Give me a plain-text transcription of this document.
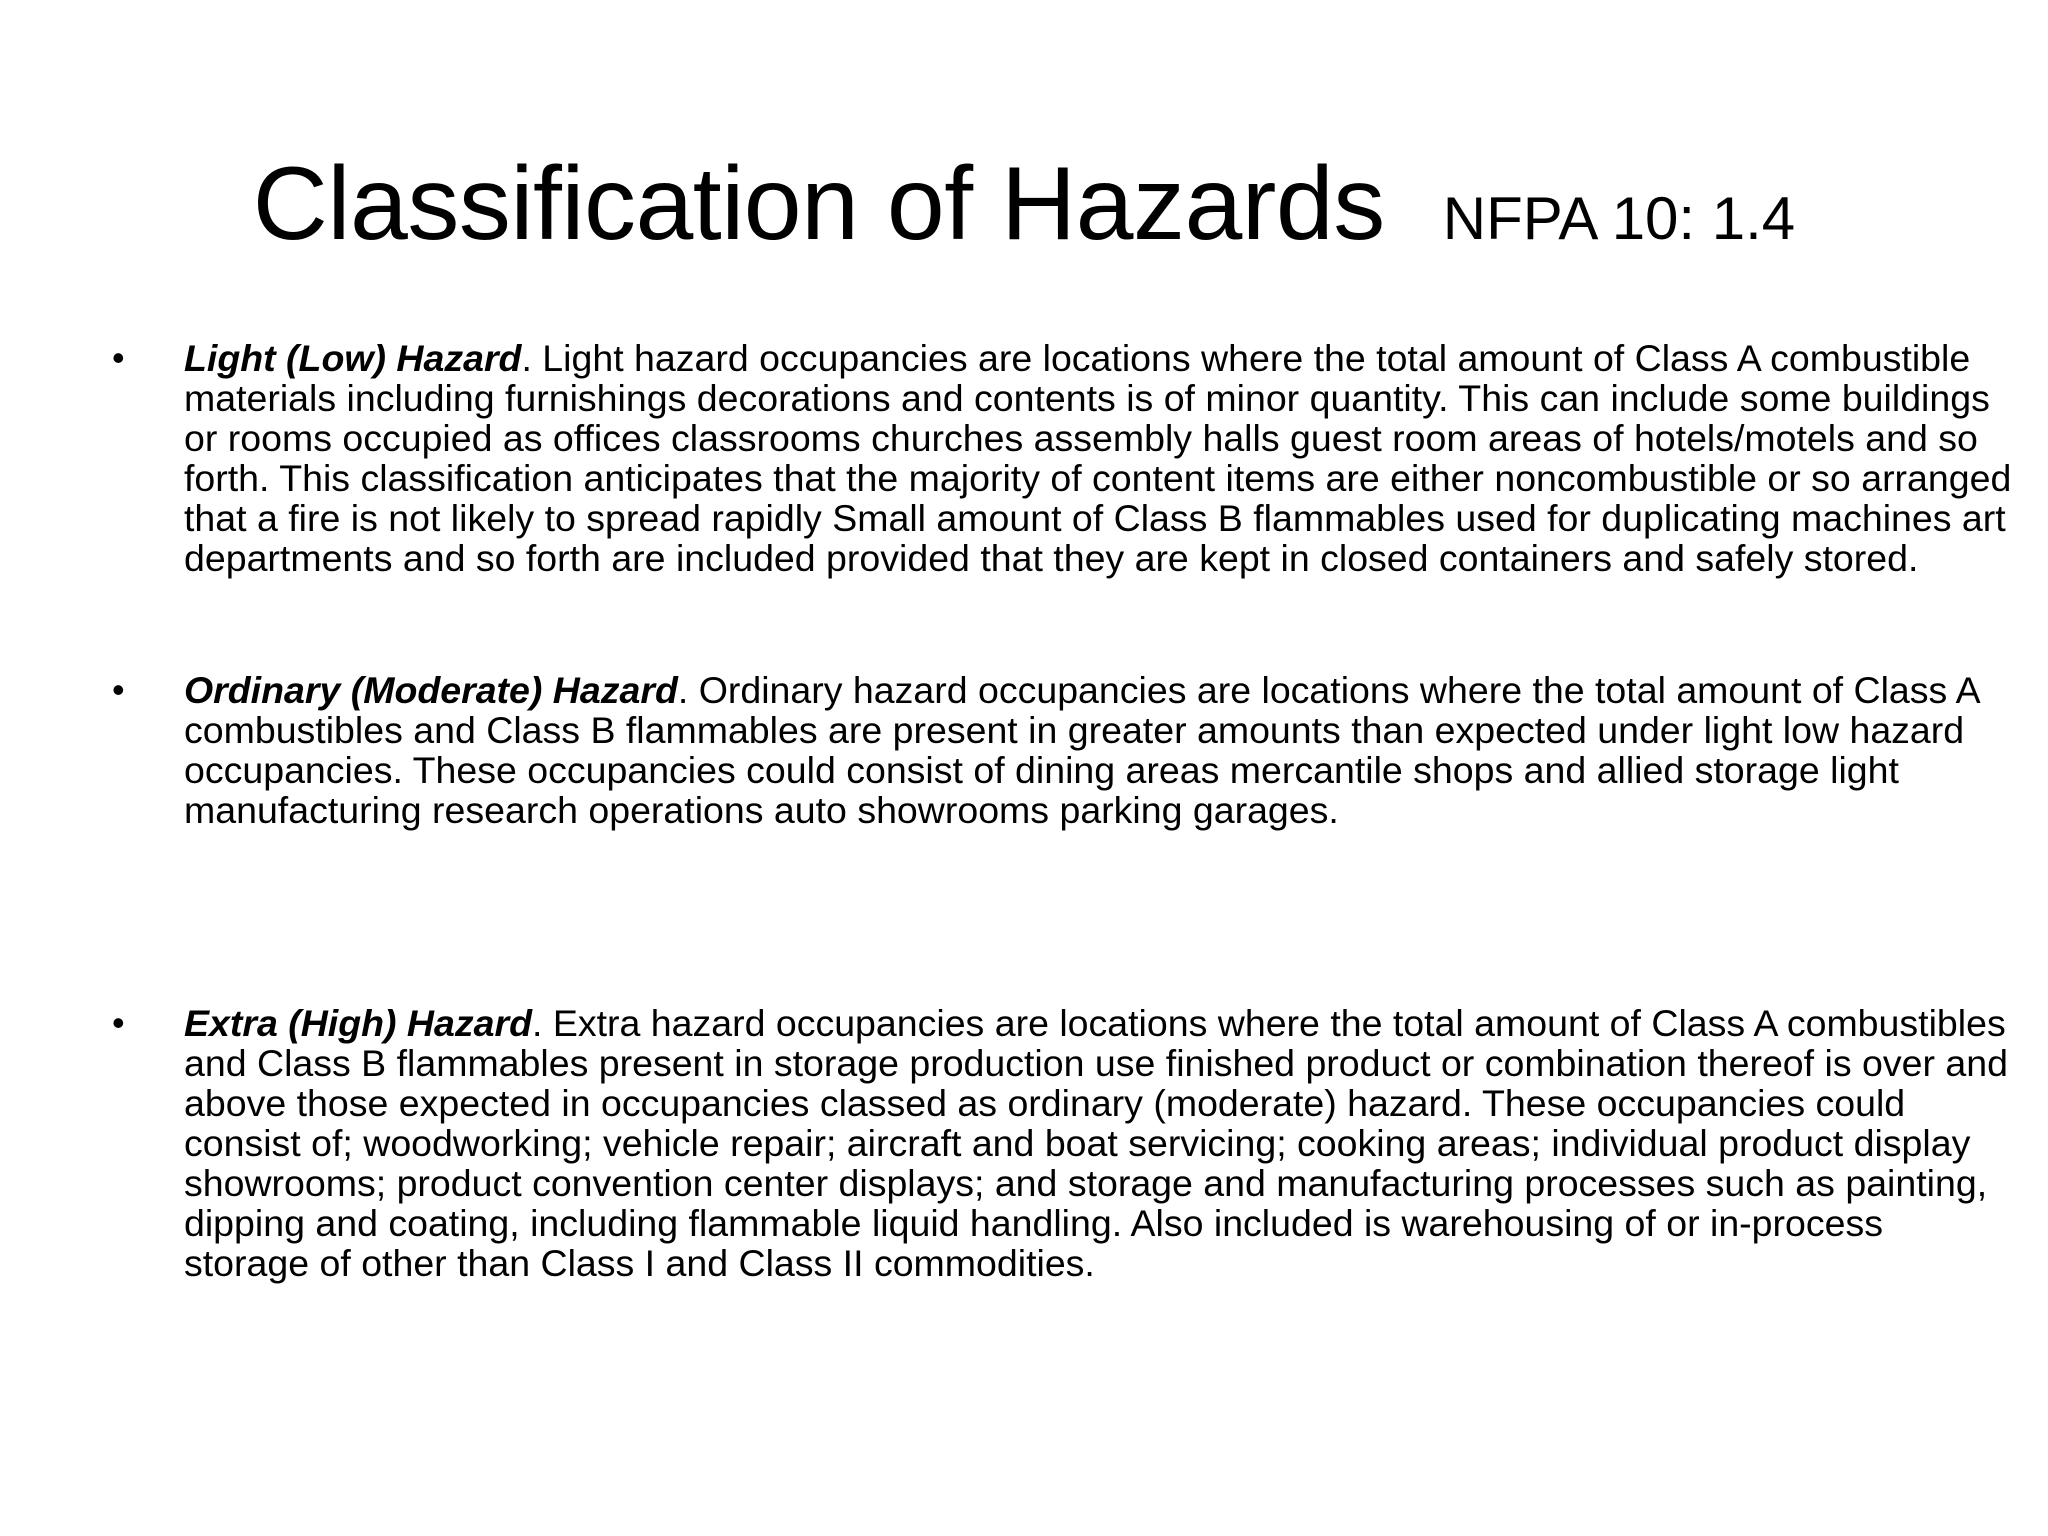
Classification of Hazards NFPA 10: 1.4
• Light (Low) Hazard. Light hazard occupancies are locations where the total amount of Class A combustible materials including furnishings decorations and contents is of minor quantity. This can include some buildings or rooms occupied as offices classrooms churches assembly halls guest room areas of hotels/motels and so forth. This classification anticipates that the majority of content items are either noncombustible or so arranged that a fire is not likely to spread rapidly Small amount of Class B flammables used for duplicating machines art departments and so forth are included provided that they are kept in closed containers and safely stored.
• Ordinary (Moderate) Hazard. Ordinary hazard occupancies are locations where the total amount of Class A combustibles and Class B flammables are present in greater amounts than expected under light low hazard occupancies. These occupancies could consist of dining areas mercantile shops and allied storage light manufacturing research operations auto showrooms parking garages.
• Extra (High) Hazard. Extra hazard occupancies are locations where the total amount of Class A combustibles and Class B flammables present in storage production use finished product or combination thereof is over and above those expected in occupancies classed as ordinary (moderate) hazard. These occupancies could consist of; woodworking; vehicle repair; aircraft and boat servicing; cooking areas; individual product display showrooms; product convention center displays; and storage and manufacturing processes such as painting, dipping and coating, including flammable liquid handling. Also included is warehousing of or in-process storage of other than Class I and Class II commodities.
